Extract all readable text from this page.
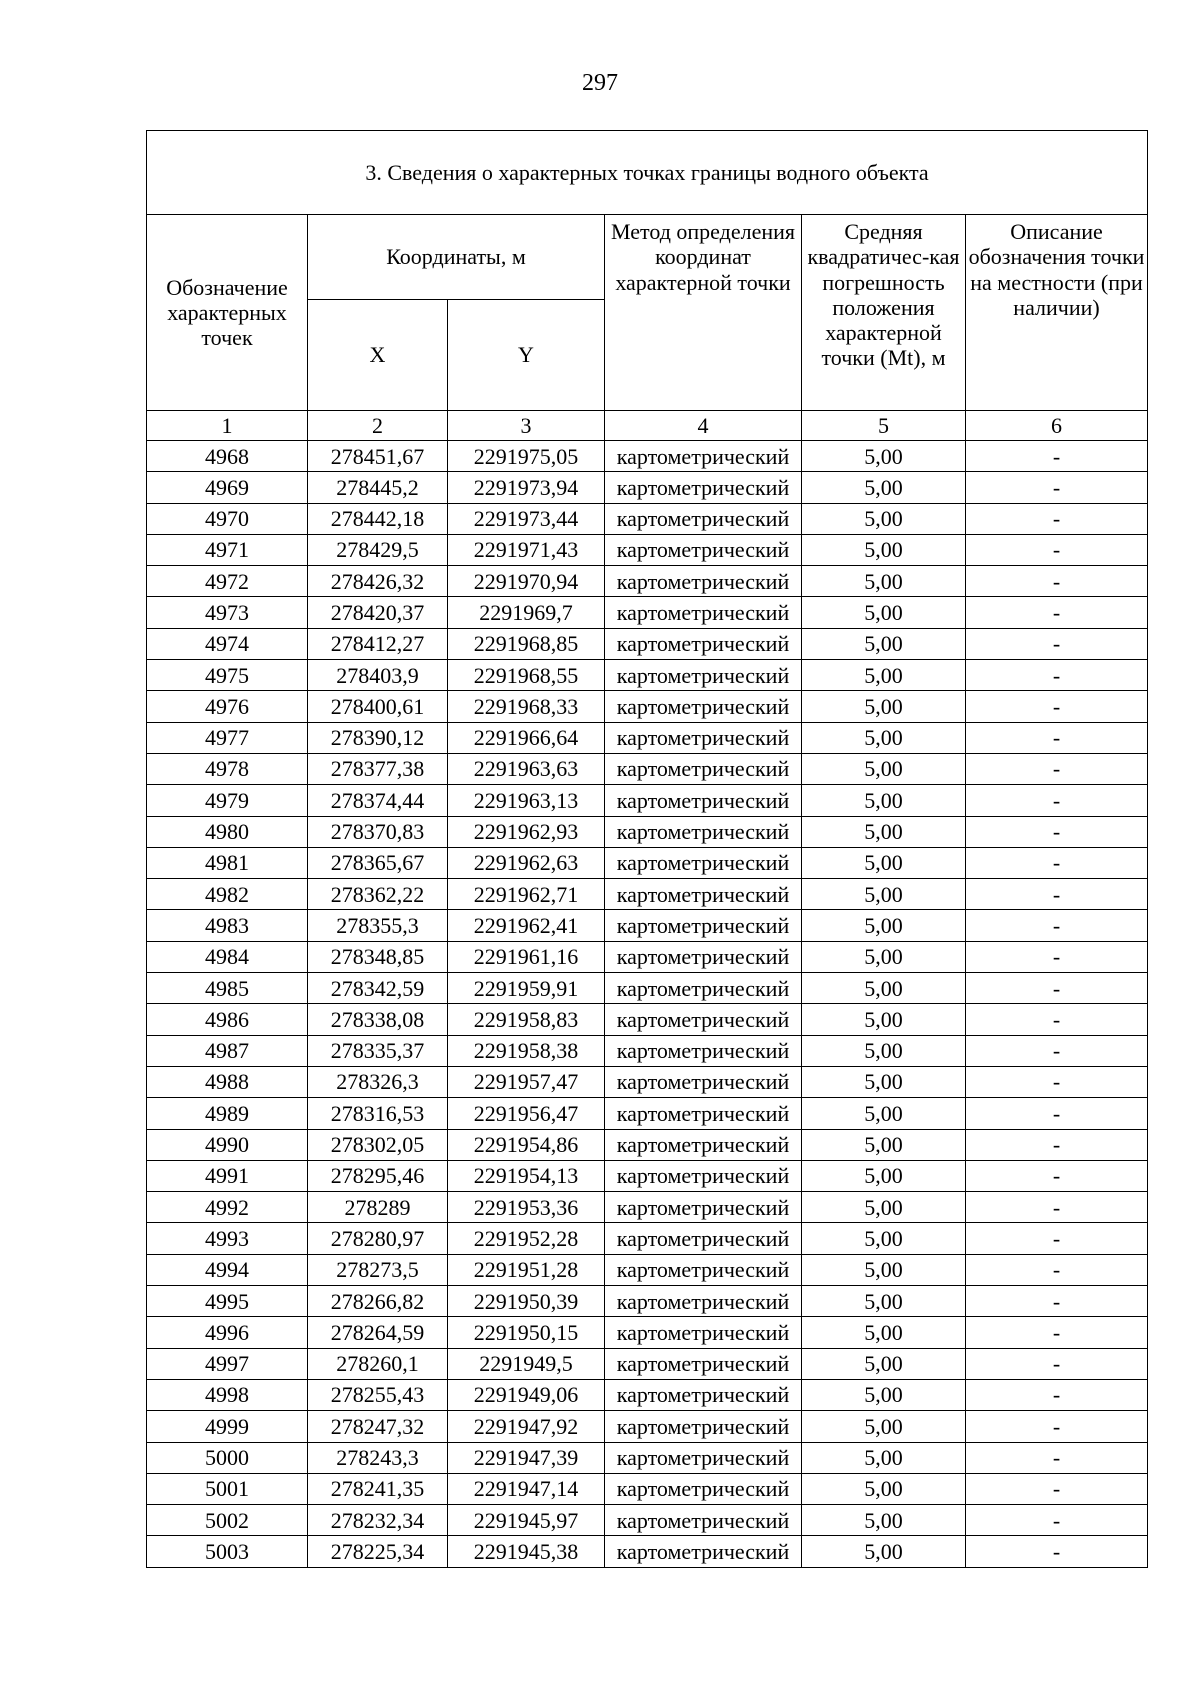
297
3. Сведения о характерных точках границы водного объекта					
Обозначение характерных точек	Координаты, м		Метод определения координат характерной точки	Средняя квадратичес-кая погрешность положения характерной точки (Mt), м	Описание обозначения точки на местности (при наличии)
	X	Y			
1	2	3	4	5	6
4968	278451,67	2291975,05	картометрический	5,00	-
4969	278445,2	2291973,94	картометрический	5,00	-
4970	278442,18	2291973,44	картометрический	5,00	-
4971	278429,5	2291971,43	картометрический	5,00	-
4972	278426,32	2291970,94	картометрический	5,00	-
4973	278420,37	2291969,7	картометрический	5,00	-
4974	278412,27	2291968,85	картометрический	5,00	-
4975	278403,9	2291968,55	картометрический	5,00	-
4976	278400,61	2291968,33	картометрический	5,00	-
4977	278390,12	2291966,64	картометрический	5,00	-
4978	278377,38	2291963,63	картометрический	5,00	-
4979	278374,44	2291963,13	картометрический	5,00	-
4980	278370,83	2291962,93	картометрический	5,00	-
4981	278365,67	2291962,63	картометрический	5,00	-
4982	278362,22	2291962,71	картометрический	5,00	-
4983	278355,3	2291962,41	картометрический	5,00	-
4984	278348,85	2291961,16	картометрический	5,00	-
4985	278342,59	2291959,91	картометрический	5,00	-
4986	278338,08	2291958,83	картометрический	5,00	-
4987	278335,37	2291958,38	картометрический	5,00	-
4988	278326,3	2291957,47	картометрический	5,00	-
4989	278316,53	2291956,47	картометрический	5,00	-
4990	278302,05	2291954,86	картометрический	5,00	-
4991	278295,46	2291954,13	картометрический	5,00	-
4992	278289	2291953,36	картометрический	5,00	-
4993	278280,97	2291952,28	картометрический	5,00	-
4994	278273,5	2291951,28	картометрический	5,00	-
4995	278266,82	2291950,39	картометрический	5,00	-
4996	278264,59	2291950,15	картометрический	5,00	-
4997	278260,1	2291949,5	картометрический	5,00	-
4998	278255,43	2291949,06	картометрический	5,00	-
4999	278247,32	2291947,92	картометрический	5,00	-
5000	278243,3	2291947,39	картометрический	5,00	-
5001	278241,35	2291947,14	картометрический	5,00	-
5002	278232,34	2291945,97	картометрический	5,00	-
5003	278225,34	2291945,38	картометрический	5,00	-
